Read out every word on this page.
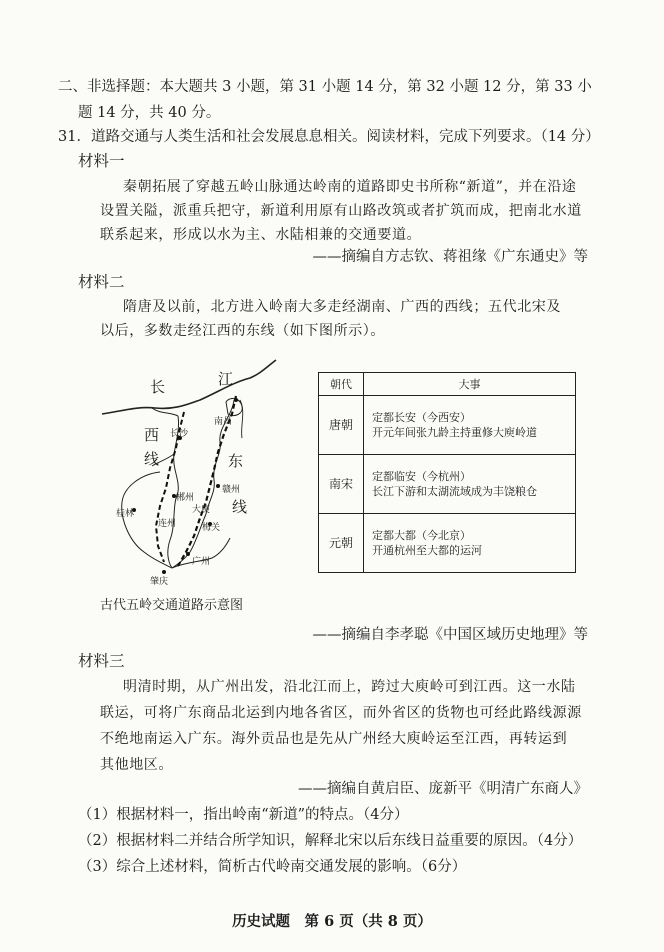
二、非选择题：本大题共 3 小题，第 31 小题 14 分，第 32 小题 12 分，第 33 小
题 14 分，共 40 分。
31．道路交通与人类生活和社会发展息息相关。阅读材料，完成下列要求。（14 分）
材料一
秦朝拓展了穿越五岭山脉通达岭南的道路即史书所称“新道”，并在沿途
设置关隘，派重兵把守，新道利用原有山路改筑或者扩筑而成，把南北水道
联系起来，形成以水为主、水陆相兼的交通要道。
——摘编自方志钦、蒋祖缘《广东通史》等
材料二
隋唐及以前，北方进入岭南大多走经湖南、广西的西线；五代北宋及
以后，多数走经江西的东线（如下图所示）。
长	江
南昌
长沙
西
线	东
线
赣州
郴州
桂林	大庾
梅关
连州
广州
肇庆
古代五岭交通道路示意图
朝代	大事
唐朝	定都长安（今西安）
开元年间张九龄主持重修大庾岭道

南宋	定都临安（今杭州）
长江下游和太湖流域成为丰饶粮仓

元朝	定都大都（今北京）
开通杭州至大都的运河
——摘编自李孝聪《中国区域历史地理》等
材料三
明清时期，从广州出发，沿北江而上，跨过大庾岭可到江西。这一水陆
联运，可将广东商品北运到内地各省区，而外省区的货物也可经此路线源源
不绝地南运入广东。海外贡品也是先从广州经大庾岭运至江西，再转运到
其他地区。
——摘编自黄启臣、庞新平《明清广东商人》
（1）根据材料一，指出岭南“新道”的特点。（4分）
（2）根据材料二并结合所学知识，解释北宋以后东线日益重要的原因。（4分）
（3）综合上述材料，简析古代岭南交通发展的影响。（6分）
历史试题　第 6 页（共 8 页）
